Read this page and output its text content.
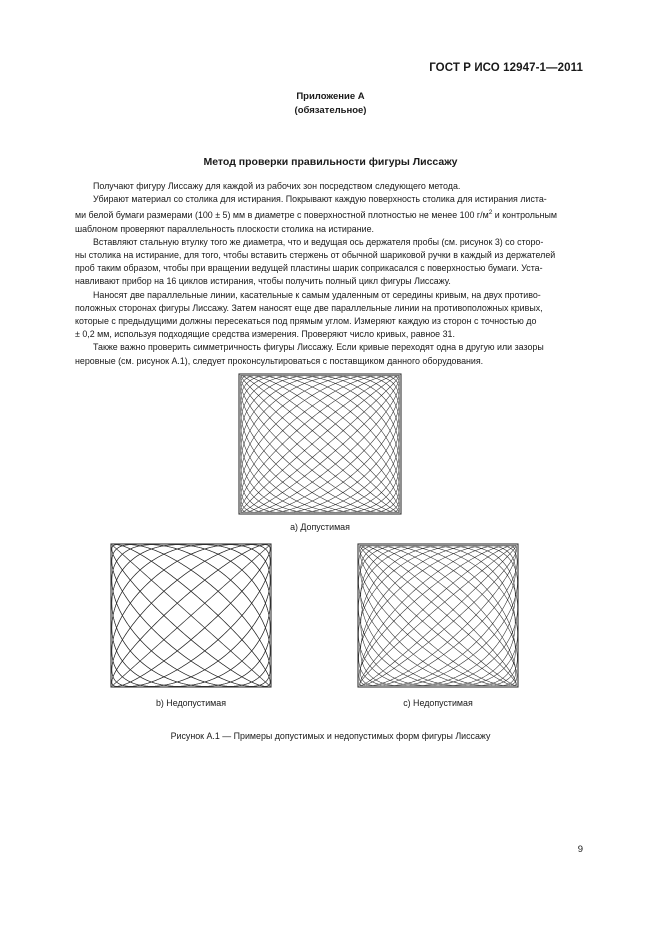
ГОСТ Р ИСО 12947-1—2011
Приложение А
(обязательное)
Метод проверки правильности фигуры Лиссажу
Получают фигуру Лиссажу для каждой из рабочих зон посредством следующего метода.
Убирают материал со столика для истирания. Покрывают каждую поверхность столика для истирания листа-
ми белой бумаги размерами (100 ± 5) мм в диаметре с поверхностной плотностью не менее 100 $г/м^2$ и контрольным
шаблоном проверяют параллельность плоскости столика на истирание.
Вставляют стальную втулку того же диаметра, что и ведущая ось держателя пробы (см. рисунок 3) со сторо-
ны столика на истирание, для того, чтобы вставить стержень от обычной шариковой ручки в каждый из держателей
проб таким образом, чтобы при вращении ведущей пластины шарик соприкасался с поверхностью бумаги. Уста-
навливают прибор на 16 циклов истирания, чтобы получить полный цикл фигуры Лиссажу.
Наносят две параллельные линии, касательные к самым удаленным от середины кривым, на двух противо-
положных сторонах фигуры Лиссажу. Затем наносят еще две параллельные линии на противоположных кривых,
которые с предыдущими должны пересекаться под прямым углом. Измеряют каждую из сторон с точностью до
± 0,2 мм, используя подходящие средства измерения. Проверяют число кривых, равное 31.
Также важно проверить симметричность фигуры Лиссажу. Если кривые переходят одна в другую или зазоры
неровные (см. рисунок А.1), следует проконсультироваться с поставщиком данного оборудования.
а) Допустимая
b) Недопустимая	с) Недопустимая
Рисунок А.1 — Примеры допустимых и недопустимых форм фигуры Лиссажу
9
